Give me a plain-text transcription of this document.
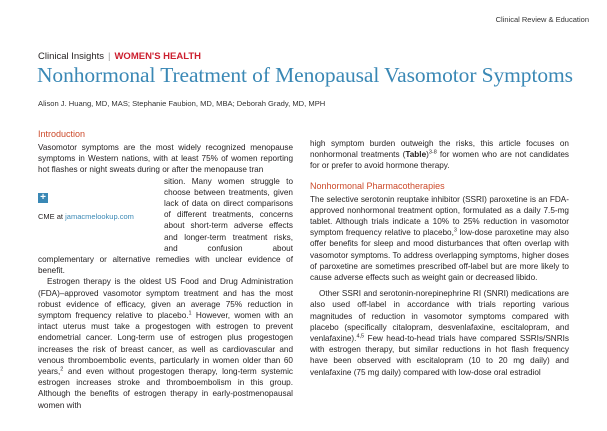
Clinical Review & Education
Clinical Insights | WOMEN'S HEALTH
Nonhormonal Treatment of Menopausal Vasomotor Symptoms
Alison J. Huang, MD, MAS; Stephanie Faubion, MD, MBA; Deborah Grady, MD, MPH
Introduction

Vasomotor symptoms are the most widely recognized menopause symptoms in Western nations, with at least 75% of women reporting hot flashes or night sweats during or after the menopause tran

+
CME at jamacmelookup.com
sition. Many women struggle to choose between treatments, given lack of data on direct comparisons of different treatments, concerns about short-term adverse effects and longer-term treatment risks, and confusion about complementary or alternative remedies with unclear evidence of benefit.

Estrogen therapy is the oldest US Food and Drug Administration (FDA)–approved vasomotor symptom treatment and has the most robust evidence of efficacy, given an average 75% reduction in symptom frequency relative to placebo.$^1$ However, women with an intact uterus must take a progestogen with estrogen to prevent endometrial cancer. Long-term use of estrogen plus progestogen increases the risk of breast cancer, as well as cardiovascular and venous thromboembolic events, particularly in women older than 60 years,$^2$ and even without progestogen therapy, long-term systemic estrogen increases stroke and thromboembolism in this group. Although the benefits of estrogen therapy in early-postmenopausal women with

high symptom burden outweigh the risks, this article focuses on nonhormonal treatments (Table)$^{3-8}$ for women who are not candidates for or prefer to avoid hormone therapy.

Nonhormonal Pharmacotherapies

The selective serotonin reuptake inhibitor (SSRI) paroxetine is an FDA-approved nonhormonal treatment option, formulated as a daily 7.5-mg tablet. Although trials indicate a 10% to 25% reduction in vasomotor symptom frequency relative to placebo,$^3$ low-dose paroxetine may also offer benefits for sleep and mood disturbances that often overlap with vasomotor symptoms. To address overlapping symptoms, higher doses of paroxetine are sometimes prescribed off-label but are more likely to cause adverse effects such as weight gain or decreased libido.

Other SSRI and serotonin-norepinephrine RI (SNRI) medications are also used off-label in accordance with trials reporting various magnitudes of reduction in vasomotor symptoms compared with placebo (specifically citalopram, desvenlafaxine, escitalopram, and venlafaxine).$^{4,5}$ Few head-to-head trials have compared SSRIs/SNRIs with estrogen therapy, but similar reductions in hot flash frequency have been observed with escitalopram (10 to 20 mg daily) and venlafaxine (75 mg daily) compared with low-dose oral estradiol
